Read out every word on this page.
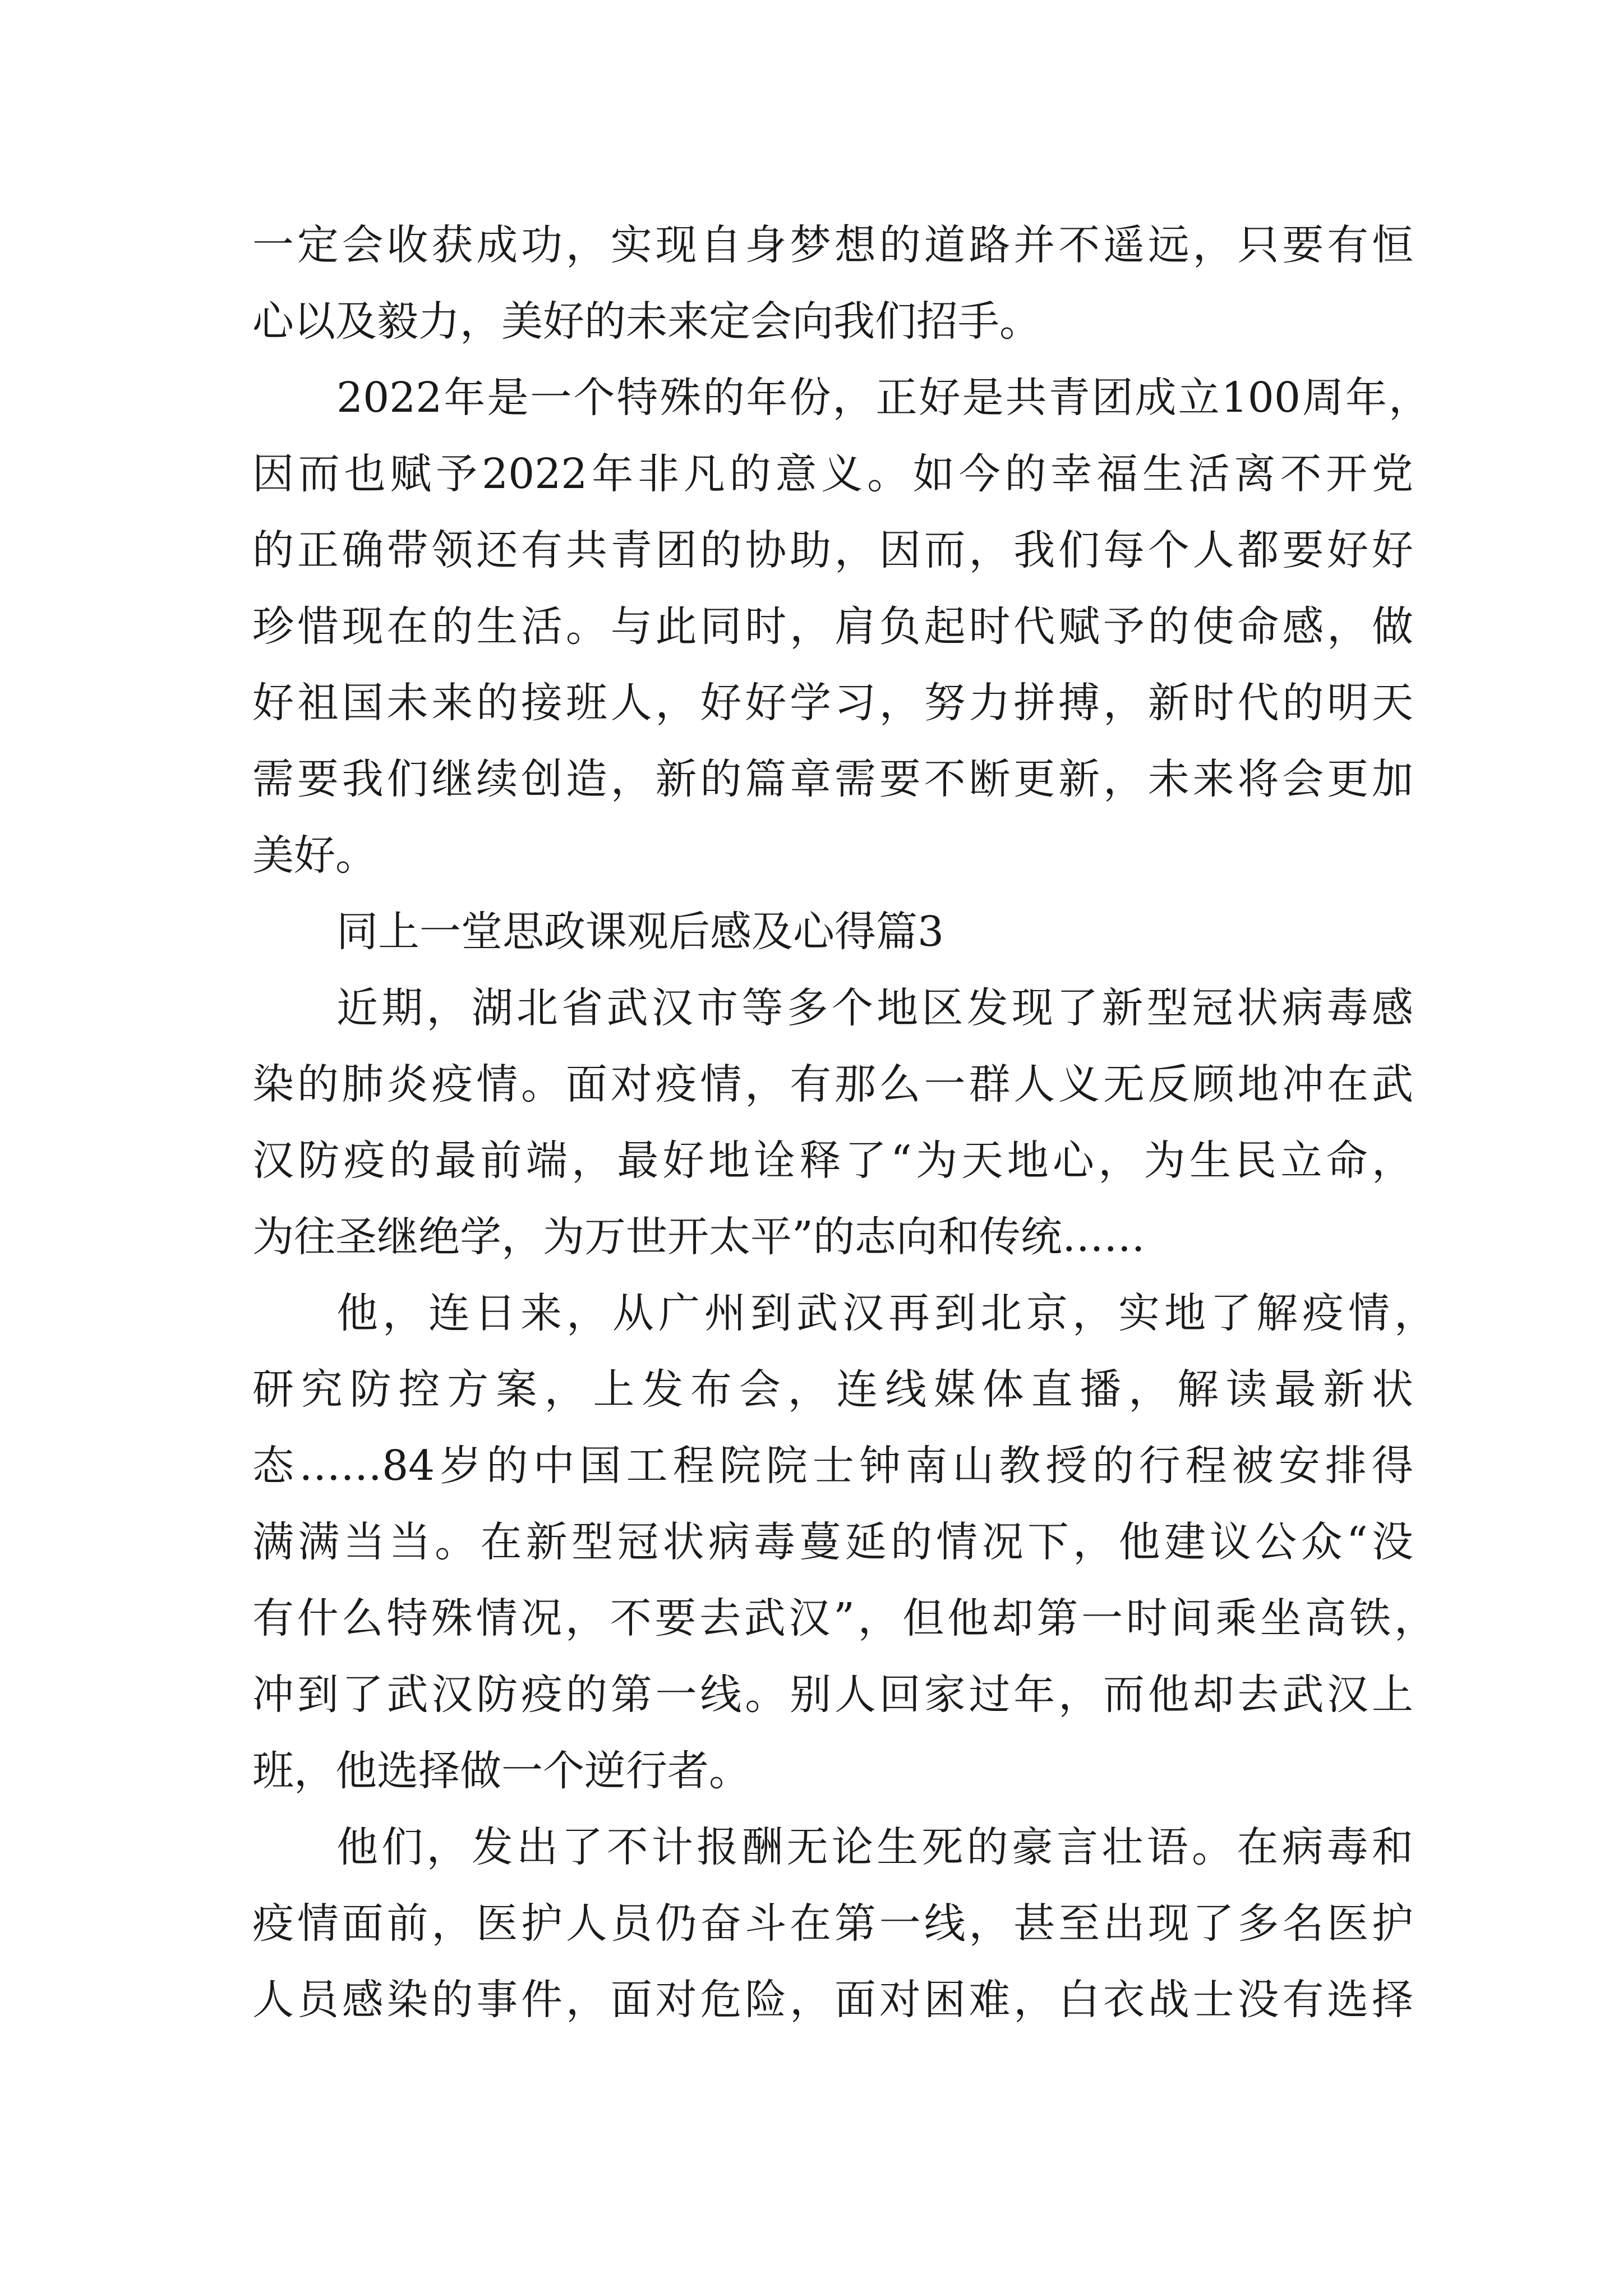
一定会收获成功，实现自身梦想的道路并不遥远，只要有恒

心以及毅力，美好的未来定会向我们招手。

2022年是一个特殊的年份，正好是共青团成立100周年，

因而也赋予2022年非凡的意义。如今的幸福生活离不开党

的正确带领还有共青团的协助，因而，我们每个人都要好好

珍惜现在的生活。与此同时，肩负起时代赋予的使命感，做

好祖国未来的接班人，好好学习，努力拼搏，新时代的明天

需要我们继续创造，新的篇章需要不断更新，未来将会更加

美好。

同上一堂思政课观后感及心得篇3

近期，湖北省武汉市等多个地区发现了新型冠状病毒感

染的肺炎疫情。面对疫情，有那么一群人义无反顾地冲在武

汉防疫的最前端，最好地诠释了“为天地心，为生民立命，

为往圣继绝学，为万世开太平”的志向和传统……

他，连日来，从广州到武汉再到北京，实地了解疫情，

研究防控方案，上发布会，连线媒体直播，解读最新状

态……84岁的中国工程院院士钟南山教授的行程被安排得

满满当当。在新型冠状病毒蔓延的情况下，他建议公众“没

有什么特殊情况，不要去武汉”，但他却第一时间乘坐高铁，

冲到了武汉防疫的第一线。别人回家过年，而他却去武汉上

班，他选择做一个逆行者。

他们，发出了不计报酬无论生死的豪言壮语。在病毒和

疫情面前，医护人员仍奋斗在第一线，甚至出现了多名医护

人员感染的事件，面对危险，面对困难，白衣战士没有选择
